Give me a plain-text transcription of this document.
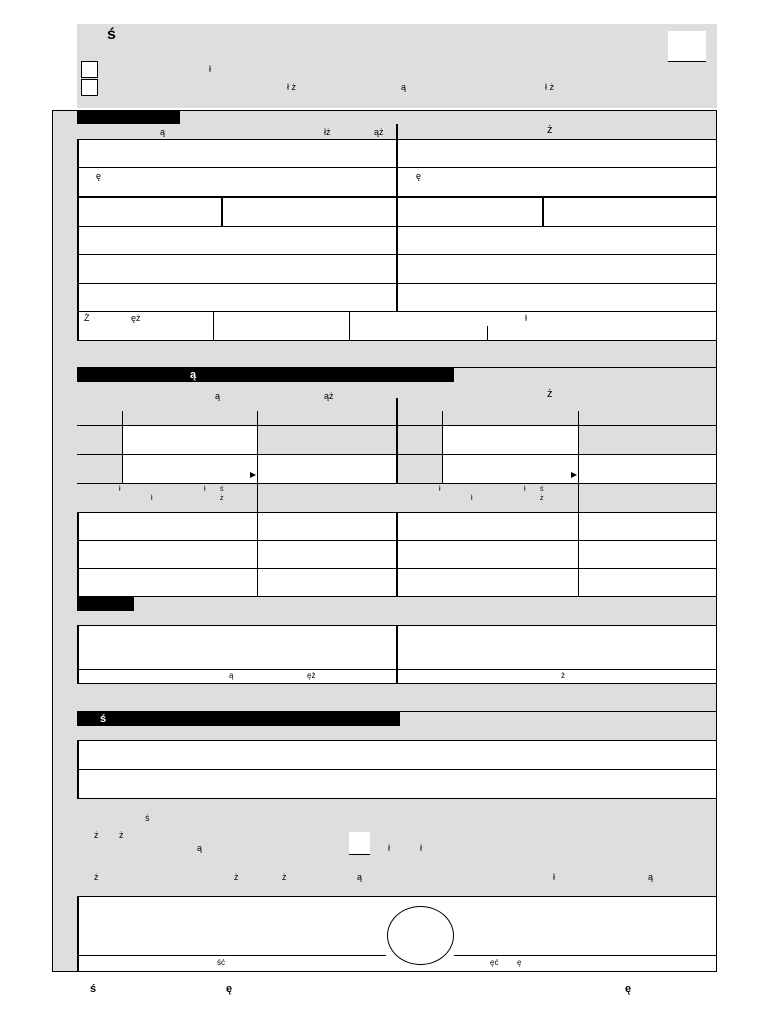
ś
ł
ł ż	ą	ł ż
ą	łż	ąż	ż
ę	ę
Ż	ęż	ł
ą
ą	ąż	ż
ł	ł ś
ł	ż
ł	ł ś
ł	ż
ą	ęż	ż
ś
ś
ż ż
ą	ł	ł
ż	ż	ż	ą	ł	ą
ść	ęć ę
ś	ę	ę
